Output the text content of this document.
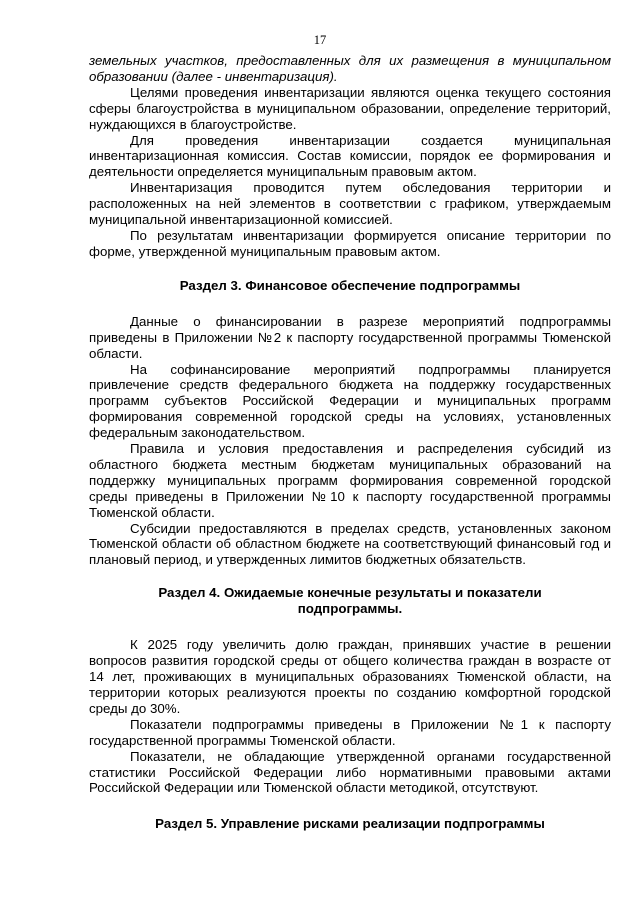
17

земельных участков, предоставленных для их размещения в муниципальном образовании (далее - инвентаризация).

Целями проведения инвентаризации являются оценка текущего состояния сферы благоустройства в муниципальном образовании, определение территорий, нуждающихся в благоустройстве.

Для проведения инвентаризации создается муниципальная инвентаризационная комиссия. Состав комиссии, порядок ее формирования и деятельности определяется муниципальным правовым актом.

Инвентаризация проводится путем обследования территории и расположенных на ней элементов в соответствии с графиком, утверждаемым муниципальной инвентаризационной комиссией.

По результатам инвентаризации формируется описание территории по форме, утвержденной муниципальным правовым актом.

Раздел 3. Финансовое обеспечение подпрограммы

Данные о финансировании в разрезе мероприятий подпрограммы приведены в Приложении №2 к паспорту государственной программы Тюменской области.

На софинансирование мероприятий подпрограммы планируется привлечение средств федерального бюджета на поддержку государственных программ субъектов Российской Федерации и муниципальных программ формирования современной городской среды на условиях, установленных федеральным законодательством.

Правила и условия предоставления и распределения субсидий из областного бюджета местным бюджетам муниципальных образований на поддержку муниципальных программ формирования современной городской среды приведены в Приложении №10 к паспорту государственной программы Тюменской области.

Субсидии предоставляются в пределах средств, установленных законом Тюменской области об областном бюджете на соответствующий финансовый год и плановый период, и утвержденных лимитов бюджетных обязательств.

Раздел 4. Ожидаемые конечные результаты и показатели
подпрограммы.

К 2025 году увеличить долю граждан, принявших участие в решении вопросов развития городской среды от общего количества граждан в возрасте от 14 лет, проживающих в муниципальных образованиях Тюменской области, на территории которых реализуются проекты по созданию комфортной городской среды до 30%.

Показатели подпрограммы приведены в Приложении №1 к паспорту государственной программы Тюменской области.

Показатели, не обладающие утвержденной органами государственной статистики Российской Федерации либо нормативными правовыми актами Российской Федерации или Тюменской области методикой, отсутствуют.

Раздел 5. Управление рисками реализации подпрограммы
